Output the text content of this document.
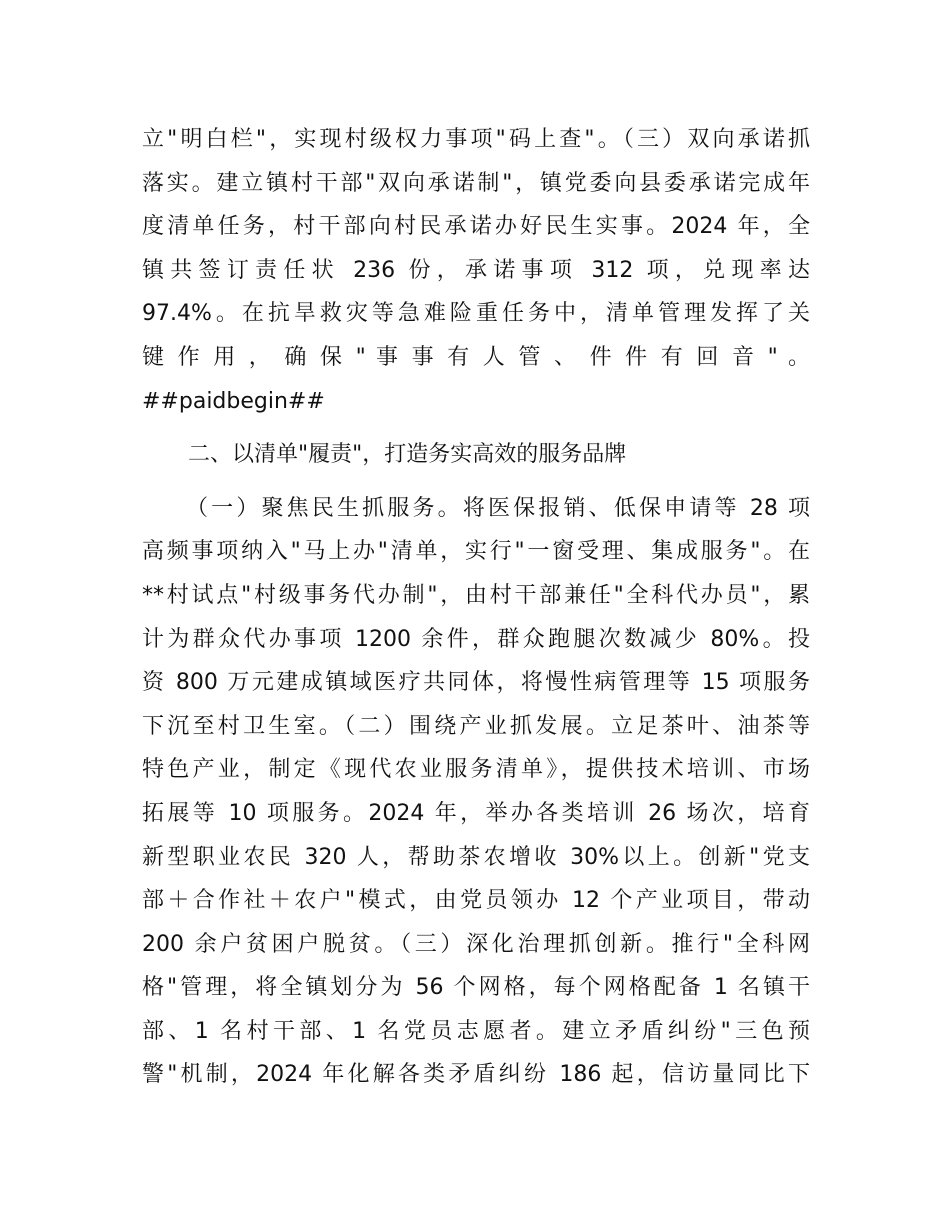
立"明白栏"，实现村级权力事项"码上查"。（三）双向承诺抓
落实。建立镇村干部"双向承诺制"，镇党委向县委承诺完成年
度清单任务，村干部向村民承诺办好民生实事。2024 年，全
镇共签订责任状 236 份，承诺事项 312 项，兑现率达
97.4%。在抗旱救灾等急难险重任务中，清单管理发挥了关
键 作 用 ， 确 保 " 事 事 有 人 管 、 件 件 有 回 音 " 。
##paidbegin##
二、以清单"履责"，打造务实高效的服务品牌
（一）聚焦民生抓服务。将医保报销、低保申请等 28 项
高频事项纳入"马上办"清单，实行"一窗受理、集成服务"。在
**村试点"村级事务代办制"，由村干部兼任"全科代办员"，累
计为群众代办事项 1200 余件，群众跑腿次数减少 80%。投
资 800 万元建成镇域医疗共同体，将慢性病管理等 15 项服务
下沉至村卫生室。（二）围绕产业抓发展。立足茶叶、油茶等
特色产业，制定《现代农业服务清单》，提供技术培训、市场
拓展等 10 项服务。2024 年，举办各类培训 26 场次，培育
新型职业农民 320 人，帮助茶农增收 30%以上。创新"党支
部＋合作社＋农户"模式，由党员领办 12 个产业项目，带动
200 余户贫困户脱贫。（三）深化治理抓创新。推行"全科网
格"管理，将全镇划分为 56 个网格，每个网格配备 1 名镇干
部、1 名村干部、1 名党员志愿者。建立矛盾纠纷"三色预
警"机制，2024 年化解各类矛盾纠纷 186 起，信访量同比下
